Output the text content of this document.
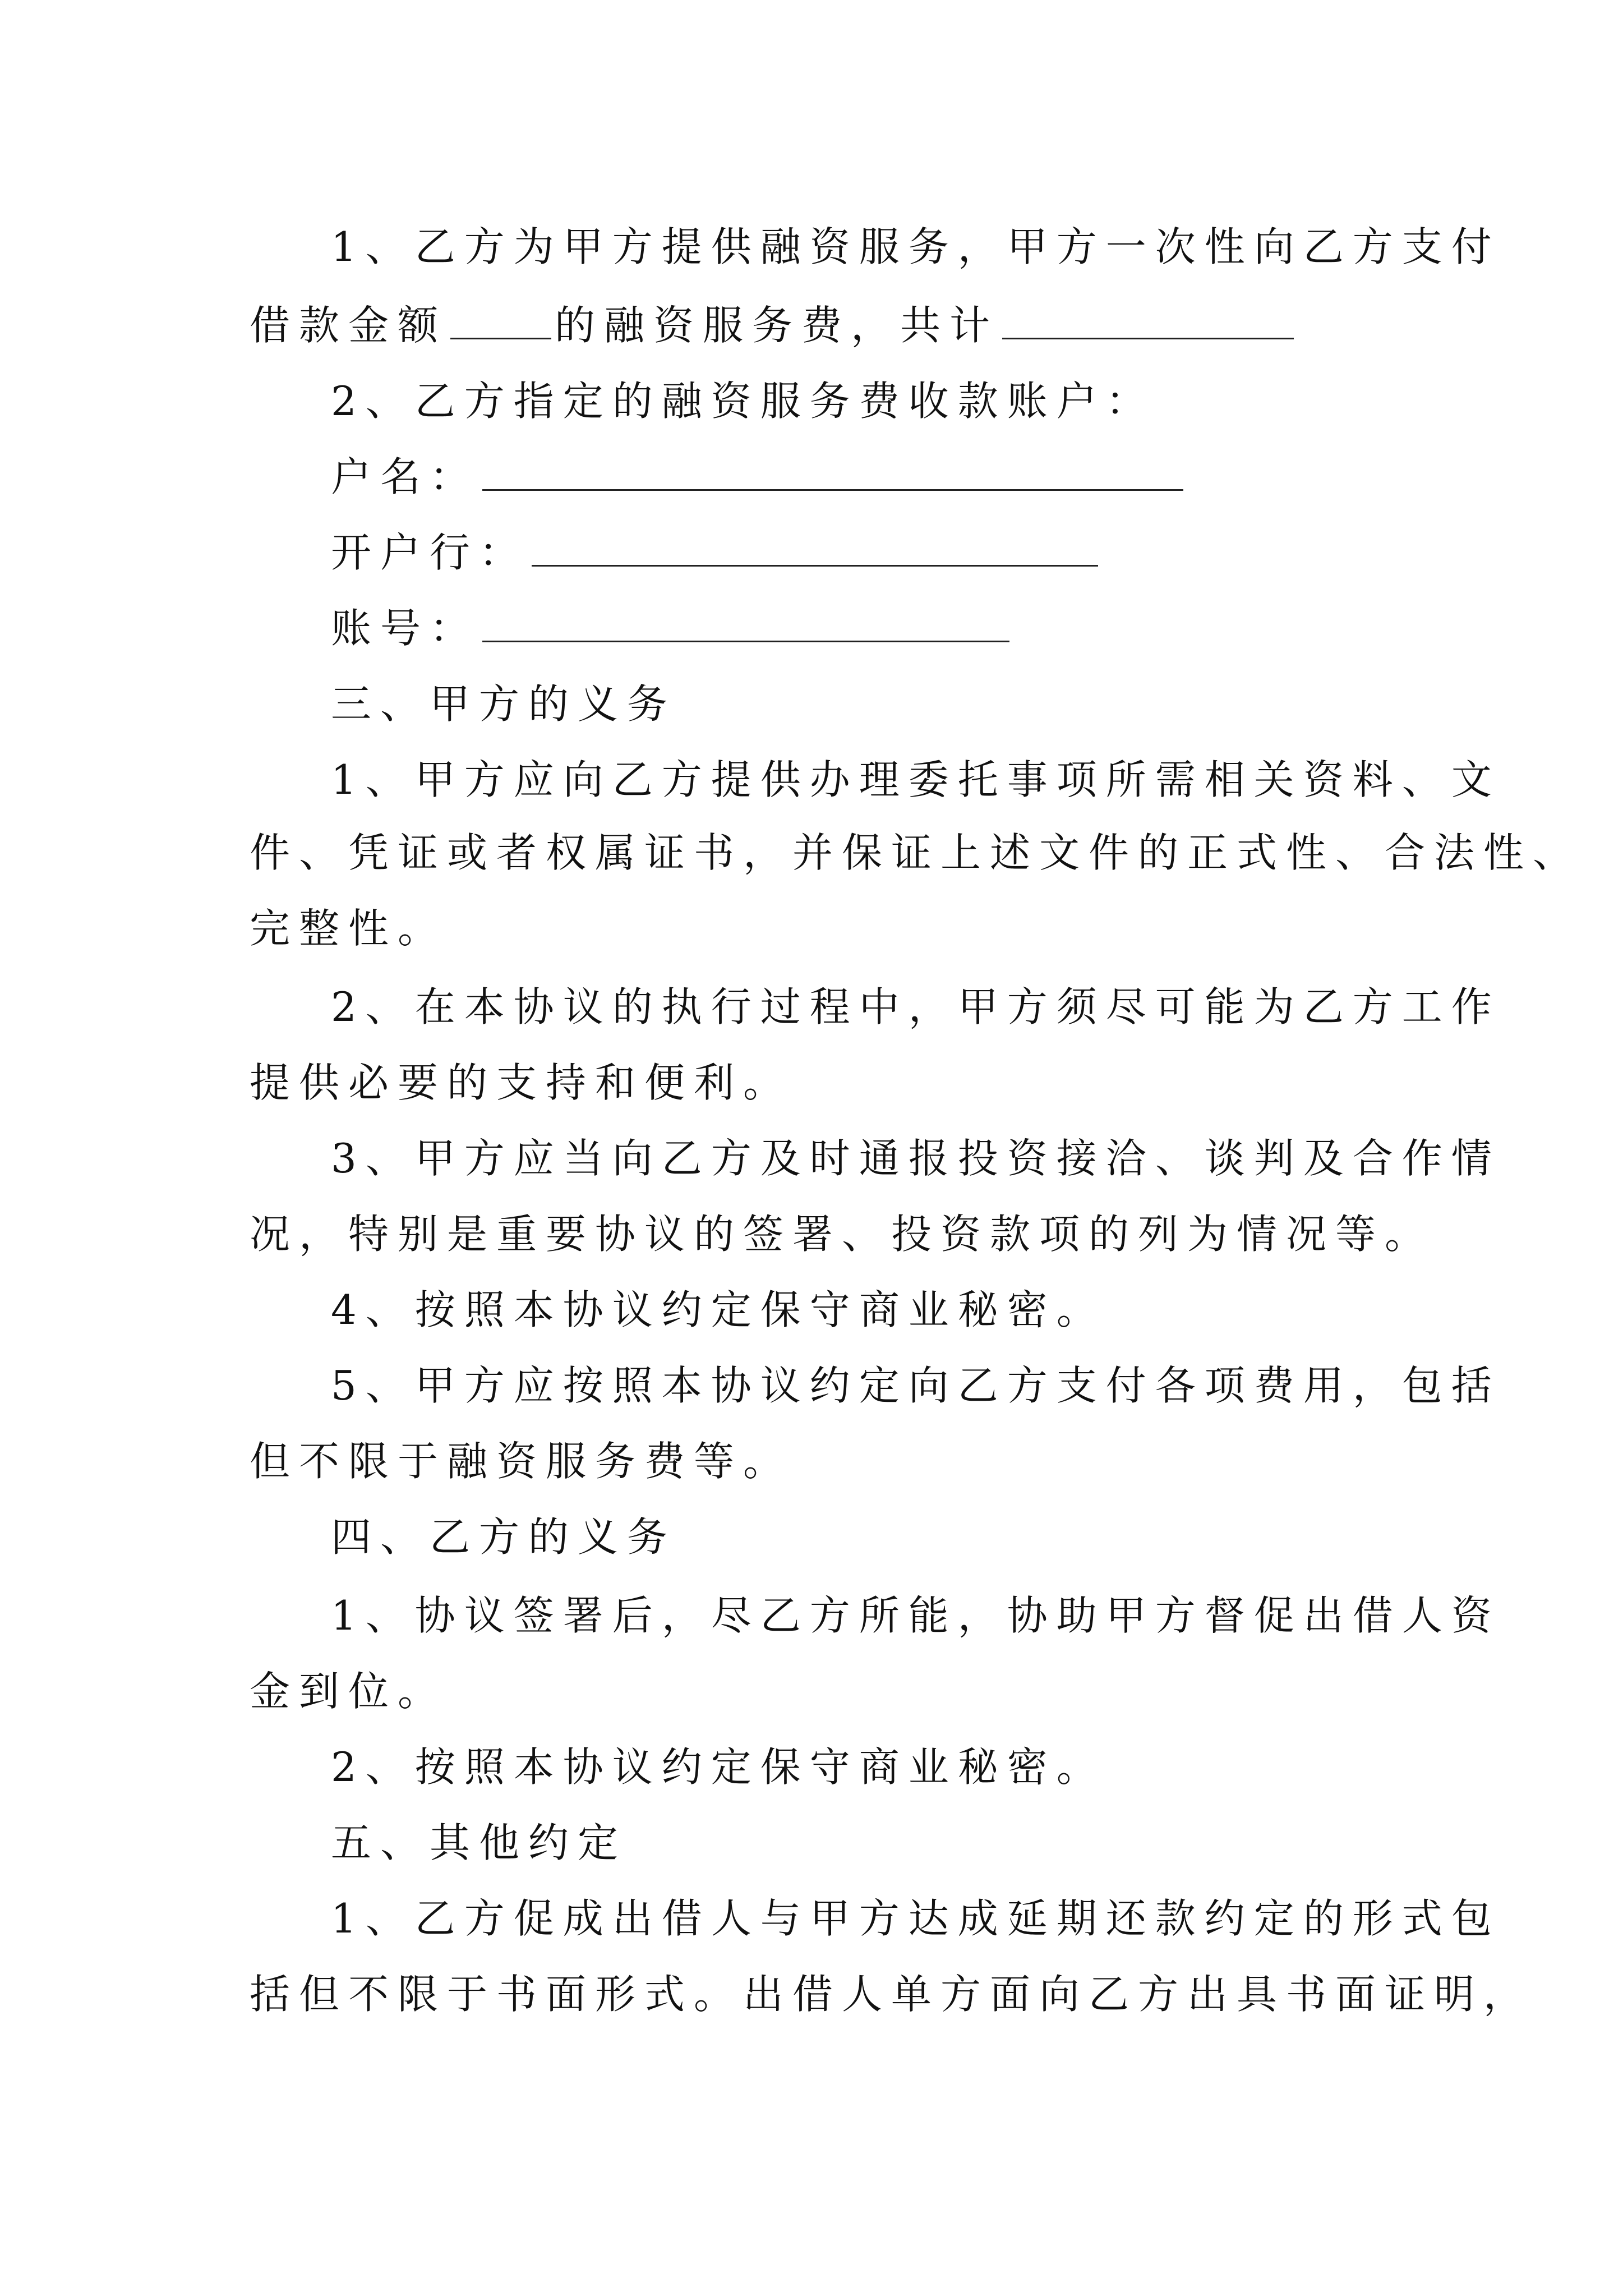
1、乙方为甲方提供融资服务，甲方一次性向乙方支付
借款金额	的融资服务费，共计
2、乙方指定的融资服务费收款账户：
户名：
开户行：
账号：
三、甲方的义务
1、甲方应向乙方提供办理委托事项所需相关资料、文
件、凭证或者权属证书，并保证上述文件的正式性、合法性、
完整性。
2、在本协议的执行过程中，甲方须尽可能为乙方工作
提供必要的支持和便利。
3、甲方应当向乙方及时通报投资接洽、谈判及合作情
况，特别是重要协议的签署、投资款项的列为情况等。
4、按照本协议约定保守商业秘密。
5、甲方应按照本协议约定向乙方支付各项费用，包括
但不限于融资服务费等。
四、乙方的义务
1、协议签署后，尽乙方所能，协助甲方督促出借人资
金到位。
2、按照本协议约定保守商业秘密。
五、其他约定
1、乙方促成出借人与甲方达成延期还款约定的形式包
括但不限于书面形式。出借人单方面向乙方出具书面证明，
